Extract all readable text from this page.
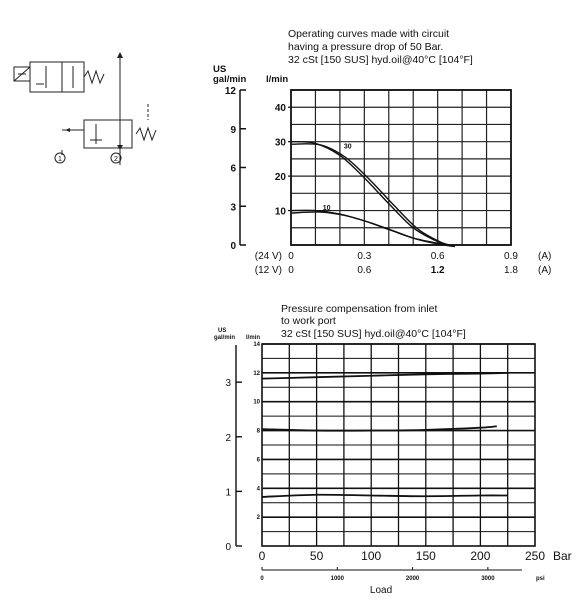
1	2
Operating curves made with circuit
having a pressure drop of 50 Bar.
32 cSt [150 SUS] hyd.oil@40°C [104°F]
12
9
6
3
0
US
gal/min l/min
40
30
20
10
30
10
(24 V) 0	0.3	0.6	0.9 (A)
(12 V) 0	0.6	1.2	1.8 (A)
Pressure compensation from inlet
to work port
32 cSt [150 SUS] hyd.oil@40°C [104°F]
3
2
1
0
US
gal/min l/min
14
12
10
8
6
4
2
0	50	100	150	200	250 Bar
0	1000	2000	3000	psi
Load
